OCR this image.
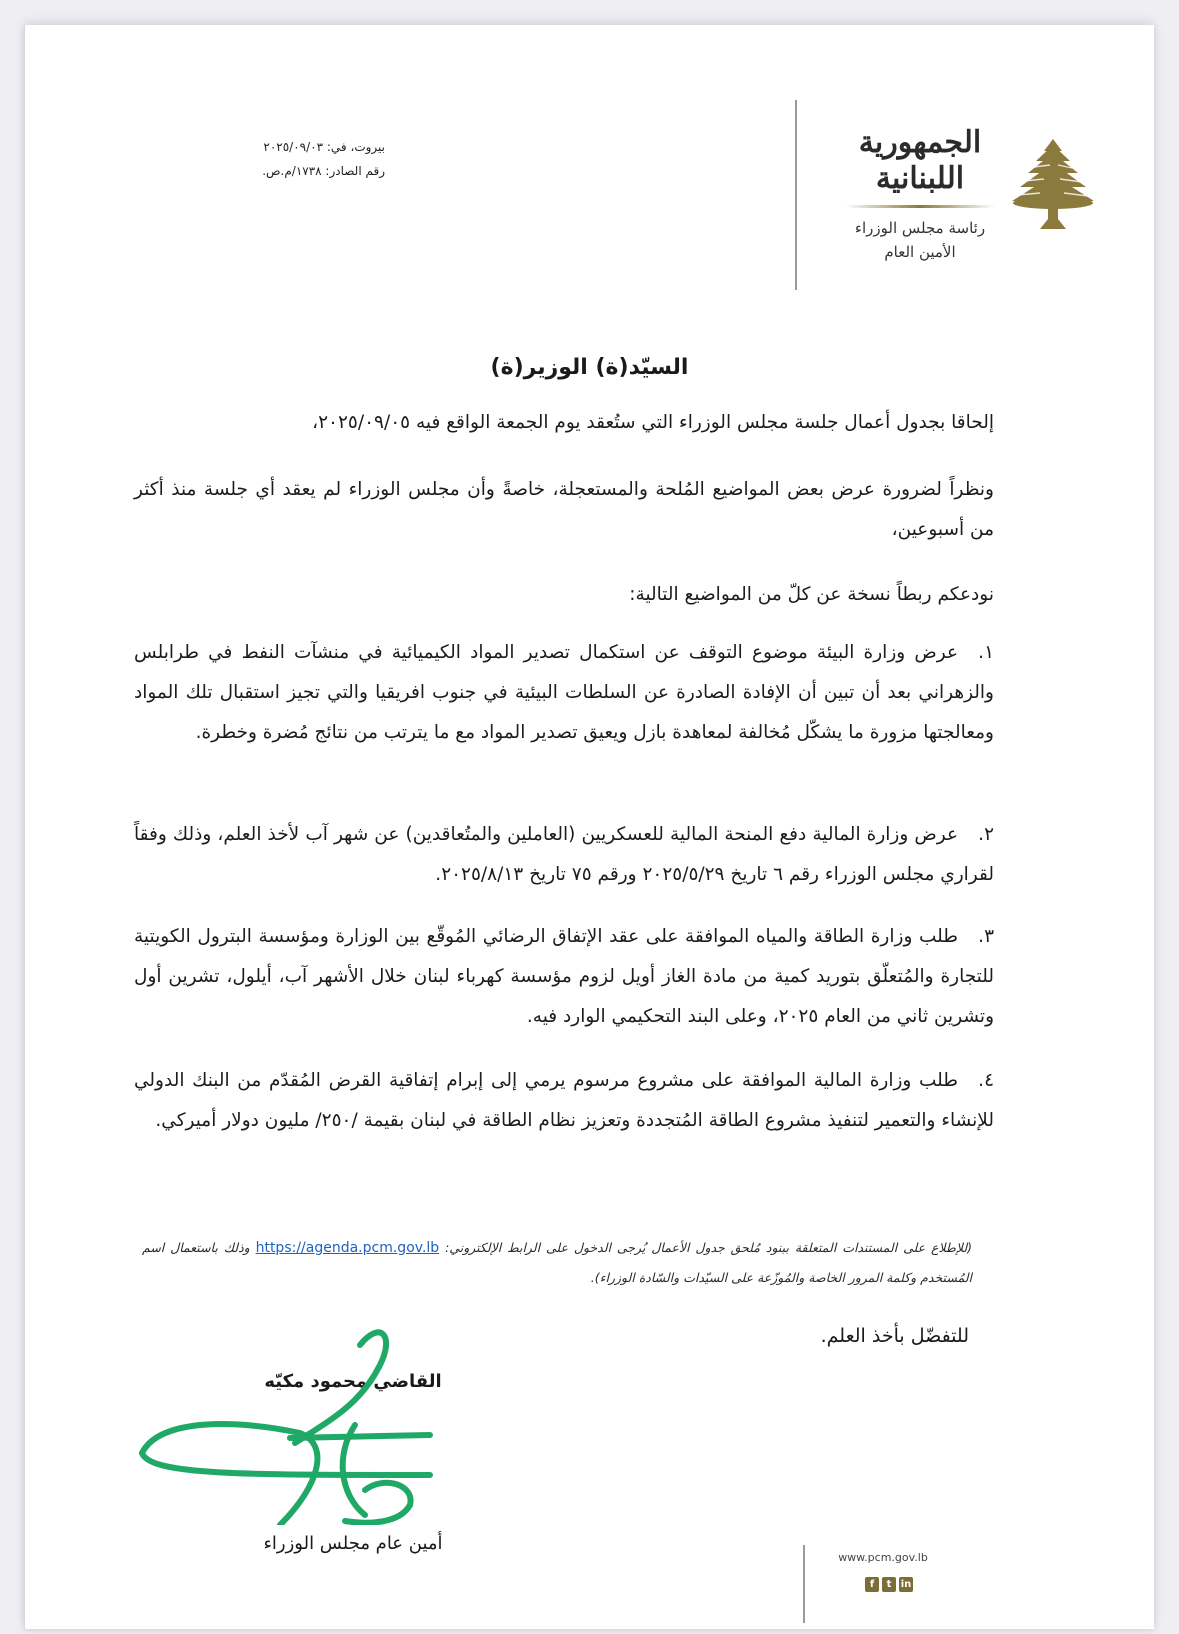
بيروت، في: ٢٠٢٥/٠٩/٠٣
رقم الصادر: ١٧٣٨/م.ص.
الجمهورية
اللبنانية
رئاسة مجلس الوزراء
الأمين العام
السيّد(ة) الوزير(ة)
إلحاقا بجدول أعمال جلسة مجلس الوزراء التي ستُعقد يوم الجمعة الواقع فيه ٢٠٢٥/٠٩/٠٥،
ونظراً لضرورة عرض بعض المواضيع المُلحة والمستعجلة، خاصةً وأن مجلس الوزراء لم يعقد أي جلسة منذ أكثر من أسبوعين،
نودعكم ربطاً نسخة عن كلّ من المواضيع التالية:
١.عرض وزارة البيئة موضوع التوقف عن استكمال تصدير المواد الكيميائية في منشآت النفط في طرابلس والزهراني بعد أن تبين أن الإفادة الصادرة عن السلطات البيئية في جنوب افريقيا والتي تجيز استقبال تلك المواد ومعالجتها مزورة ما يشكّل مُخالفة لمعاهدة بازل ويعيق تصدير المواد مع ما يترتب من نتائج مُضرة وخطرة.
٢.عرض وزارة المالية دفع المنحة المالية للعسكريين (العاملين والمتُعاقدين) عن شهر آب لأخذ العلم، وذلك وفقاً لقراري مجلس الوزراء رقم ٦ تاريخ ٢٠٢٥/٥/٢٩ ورقم ٧٥ تاريخ ٢٠٢٥/٨/١٣.
٣.طلب وزارة الطاقة والمياه الموافقة على عقد الإتفاق الرضائي المُوقّع بين الوزارة ومؤسسة البترول الكويتية للتجارة والمُتعلّق بتوريد كمية من مادة الغاز أويل لزوم مؤسسة كهرباء لبنان خلال الأشهر آب، أيلول، تشرين أول وتشرين ثاني من العام ٢٠٢٥، وعلى البند التحكيمي الوارد فيه.
٤.طلب وزارة المالية الموافقة على مشروع مرسوم يرمي إلى إبرام إتفاقية القرض المُقدّم من البنك الدولي للإنشاء والتعمير لتنفيذ مشروع الطاقة المُتجددة وتعزيز نظام الطاقة في لبنان بقيمة /٢٥٠/ مليون دولار أميركي.
(للإطلاع على المستندات المتعلقة ببنود مُلحق جدول الأعمال يُرجى الدخول على الرابط الإلكتروني: https://agenda.pcm.gov.lb وذلك باستعمال اسم المُستخدم وكلمة المرور الخاصة والمُوزّعة على السيّدات والسّادة الوزراء).
للتفضّل بأخذ العلم.
القاضي محمود مكيّه
أمين عام مجلس الوزراء
www.pcm.gov.lb
f	t in
